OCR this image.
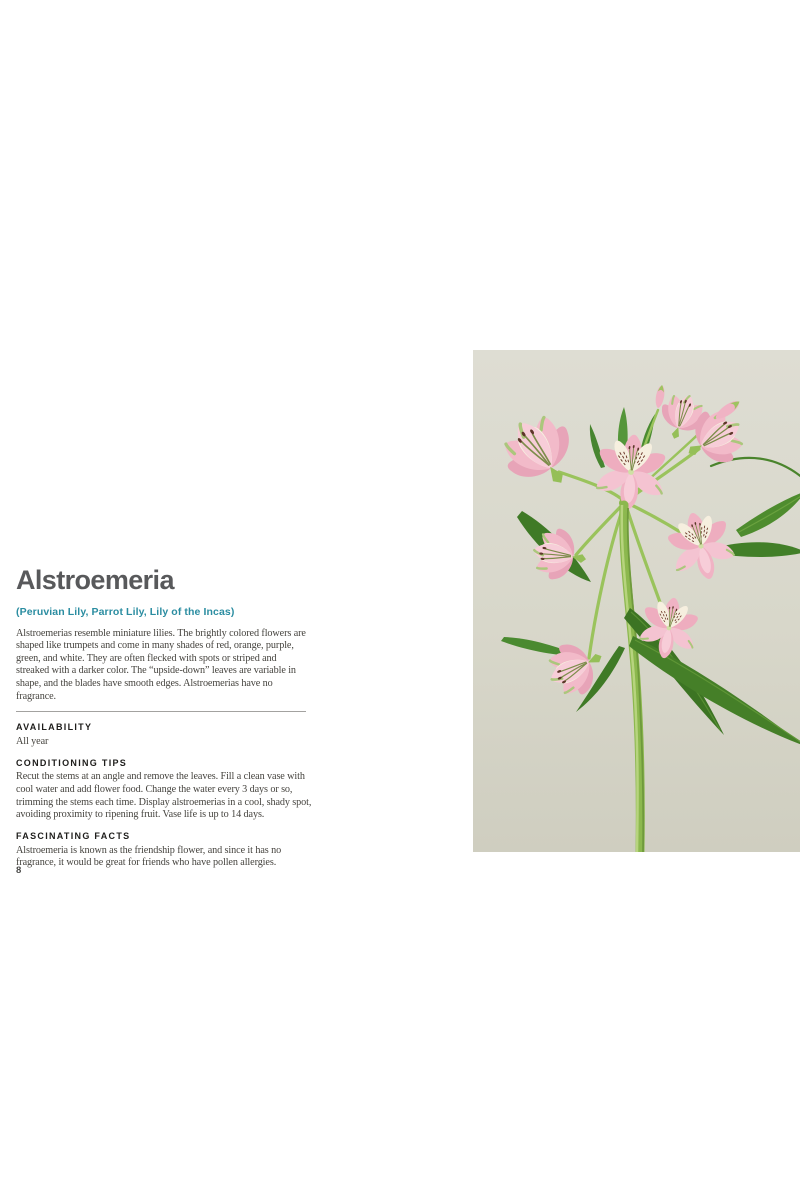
Alstroemeria

(Peruvian Lily, Parrot Lily, Lily of the Incas)

Alstroemerias resemble miniature lilies. The brightly colored flowers are shaped like trumpets and come in many shades of red, orange, purple, green, and white. They are often flecked with spots or striped and streaked with a darker color. The “upside-down” leaves are variable in shape, and the blades have smooth edges. Alstroemerias have no fragrance.

AVAILABILITY

All year

CONDITIONING TIPS

Recut the stems at an angle and remove the leaves. Fill a clean vase with cool water and add flower food. Change the water every 3 days or so, trimming the stems each time. Display alstroemerias in a cool, shady spot, avoiding proximity to ripening fruit. Vase life is up to 14 days.

FASCINATING FACTS

Alstroemeria is known as the friendship flower, and since it has no fragrance, it would be great for friends who have pollen allergies.

8
